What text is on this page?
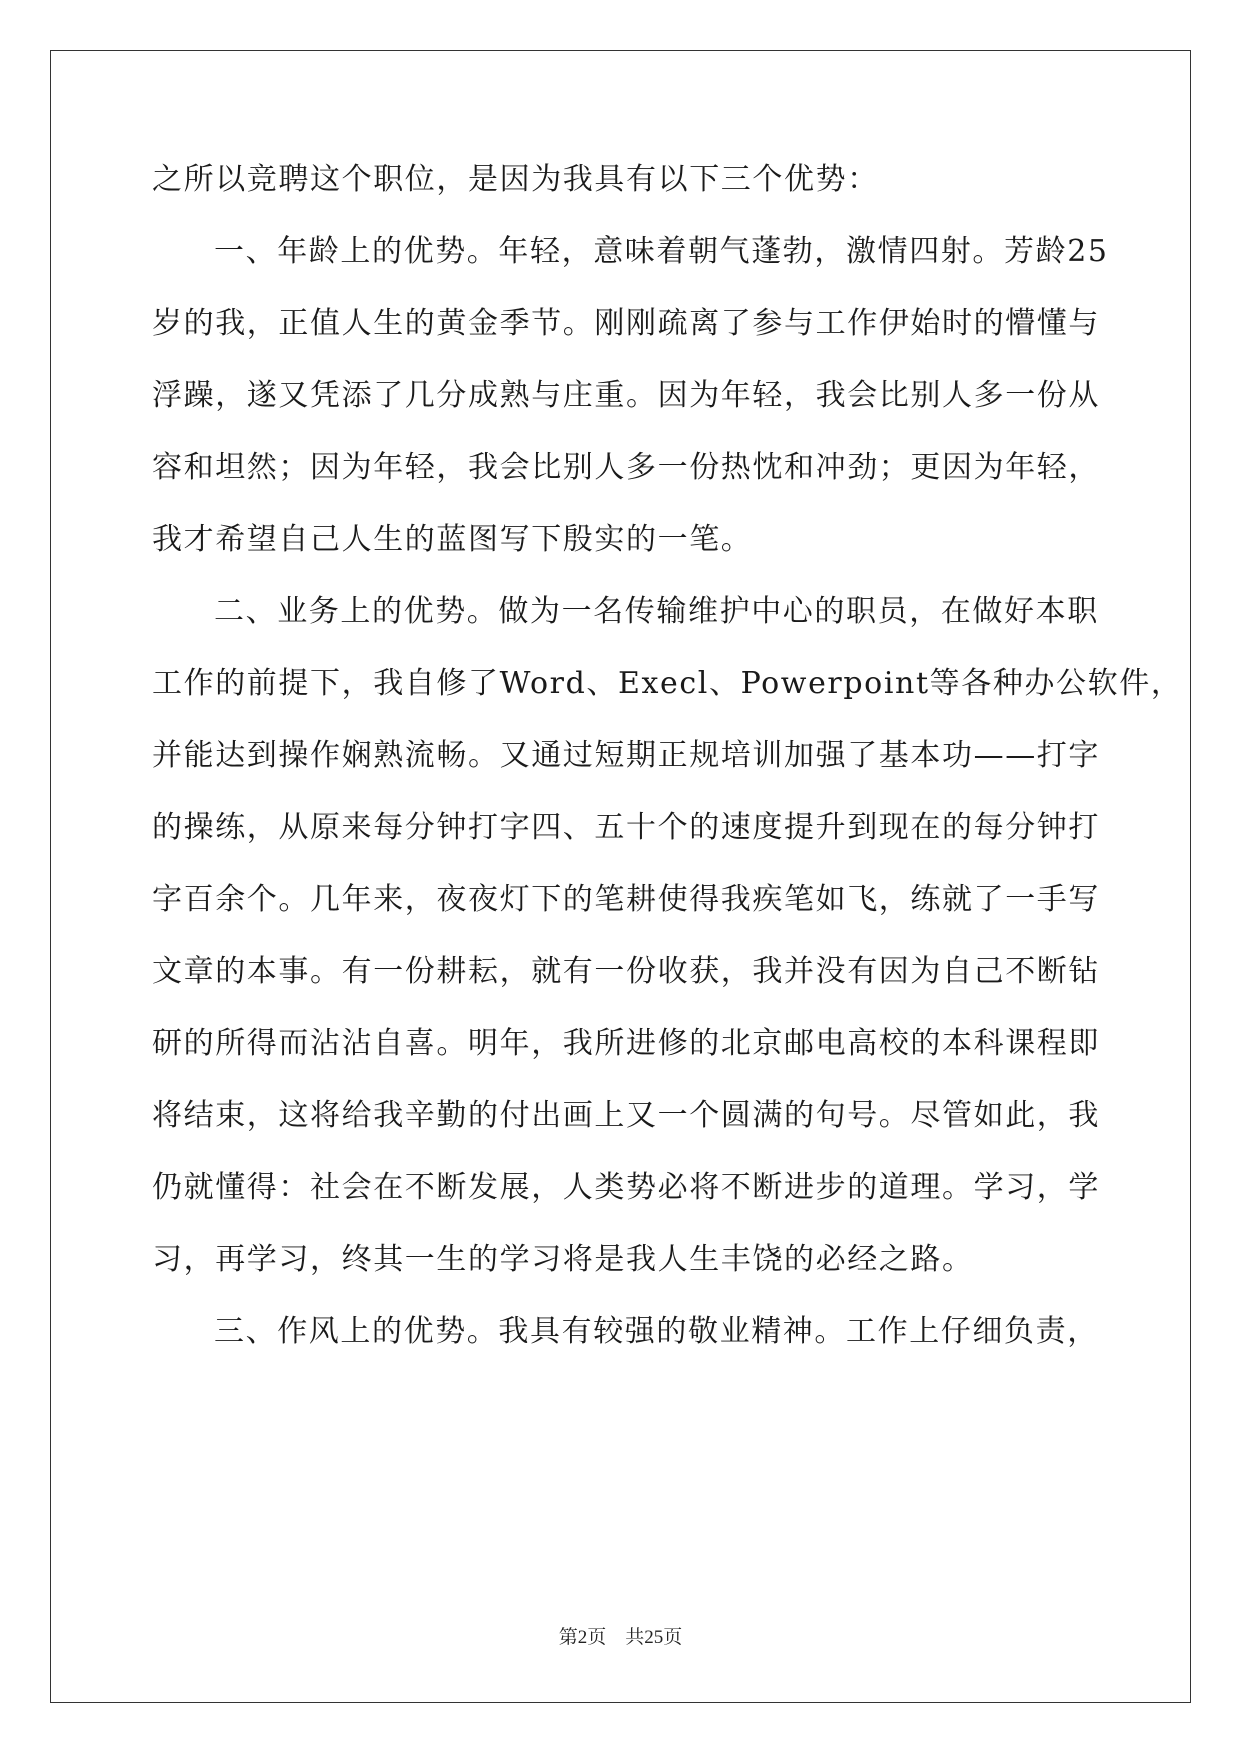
之所以竞聘这个职位，是因为我具有以下三个优势：
一、年龄上的优势。年轻，意味着朝气蓬勃，激情四射。芳龄25
岁的我，正值人生的黄金季节。刚刚疏离了参与工作伊始时的懵懂与
浮躁，遂又凭添了几分成熟与庄重。因为年轻，我会比别人多一份从
容和坦然；因为年轻，我会比别人多一份热忱和冲劲；更因为年轻，
我才希望自己人生的蓝图写下殷实的一笔。
二、业务上的优势。做为一名传输维护中心的职员，在做好本职
工作的前提下，我自修了Word、Execl、Powerpoint等各种办公软件，
并能达到操作娴熟流畅。又通过短期正规培训加强了基本功——打字
的操练，从原来每分钟打字四、五十个的速度提升到现在的每分钟打
字百余个。几年来，夜夜灯下的笔耕使得我疾笔如飞，练就了一手写
文章的本事。有一份耕耘，就有一份收获，我并没有因为自己不断钻
研的所得而沾沾自喜。明年，我所进修的北京邮电高校的本科课程即
将结束，这将给我辛勤的付出画上又一个圆满的句号。尽管如此，我
仍就懂得：社会在不断发展，人类势必将不断进步的道理。学习，学
习，再学习，终其一生的学习将是我人生丰饶的必经之路。
三、作风上的优势。我具有较强的敬业精神。工作上仔细负责，
第2页    共25页
